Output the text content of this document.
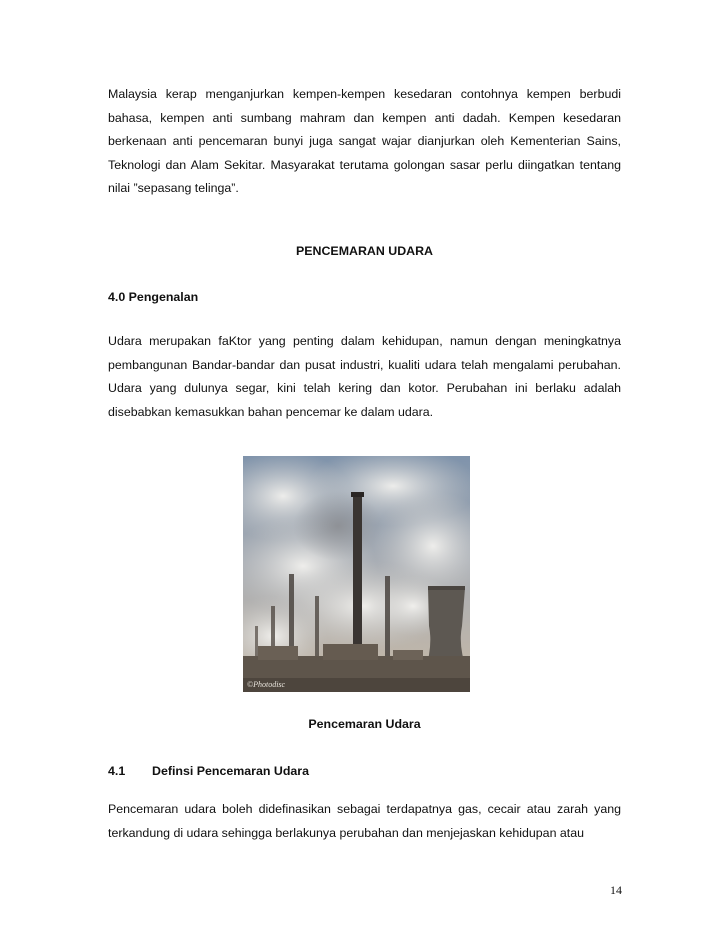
Malaysia kerap menganjurkan kempen-kempen kesedaran contohnya kempen berbudi bahasa, kempen anti sumbang mahram dan kempen anti dadah. Kempen kesedaran berkenaan anti pencemaran bunyi juga sangat wajar dianjurkan oleh Kementerian Sains, Teknologi dan Alam Sekitar. Masyarakat terutama golongan sasar perlu diingatkan tentang nilai ”sepasang telinga”.

PENCEMARAN UDARA

4.0 Pengenalan

Udara merupakan faKtor yang penting dalam kehidupan, namun dengan meningkatnya pembangunan Bandar-bandar dan pusat industri, kualiti udara telah mengalami perubahan. Udara yang dulunya segar, kini telah kering dan kotor. Perubahan ini berlaku adalah disebabkan kemasukkan bahan pencemar ke dalam udara.

©Photodisc

Pencemaran Udara

4.1 Definsi Pencemaran Udara

Pencemaran udara boleh didefinasikan sebagai terdapatnya gas, cecair atau zarah yang terkandung di udara sehingga berlakunya perubahan dan menjejaskan kehidupan atau

14
